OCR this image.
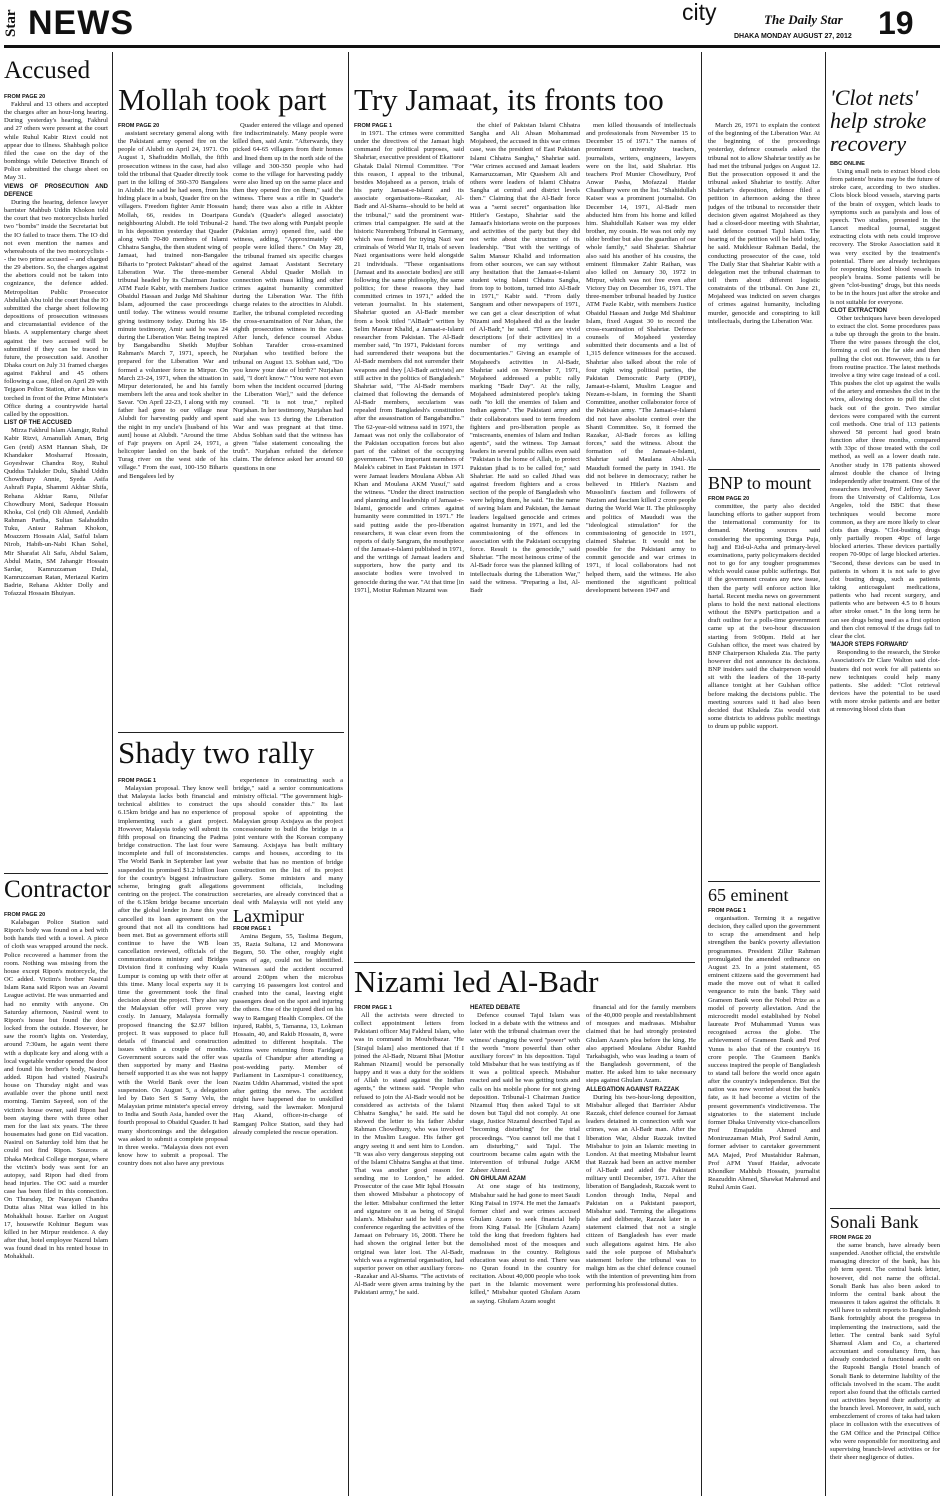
Star NEWS	city	The Daily Star 19
DHAKA MONDAY AUGUST 27, 2012
Accused
FROM PAGE 20

Fakhrul and 13 others and accepted the charges after an hour-long hearing. During yesterday's hearing, Fakhrul and 27 others were present at the court while Ruhul Kabir Rizvi could not appear due to illness. Shahbagh police filed the case on the day of the bombings while Detective Branch of Police submitted the charge sheet on May 31.

VIEWS OF PROSECUTION AND DEFENCE

During the hearing, defence lawyer barrister Mahbub Uddin Khokon told the court that two motorcyclists hurled two "bombs" inside the Secretariat but the IO failed to trace them. The IO did not even mention the names and whereabouts of the two motorcyclists -- the two prime accused -- and charged the 29 abettors. So, the charges against the abettors could not be taken into cognizance, the defence added. Metropolitan Public Prosecutor Abdullah Abu told the court that the IO submitted the charge sheet following depositions of prosecution witnesses and circumstantial evidence of the blasts. A supplementary charge sheet against the two accused will be submitted if they can be traced in future, the prosecution said. Another Dhaka court on July 31 framed charges against Fakhrul and 45 others following a case, filed on April 29 with Tejgaon Police Station, after a bus was torched in front of the Prime Minister's Office during a countrywide hartal called by the opposition.

LIST OF THE ACCUSED

Mirza Fakhrul Islam Alamgir, Ruhul Kabir Rizvi, Amanullah Aman, Brig Gen (retd) ASM Hannan Shah, Dr Khandaker Mosharraf Hossain, Goyeshwar Chandra Roy, Ruhul Quddus Talukder Dulu, Shahid Uddin Chowdhury Annie, Syeda Asifa Ashrafi Papia, Shammi Akhtar Shifa, Rehana Akhtar Ranu, Nilufar Chowdhury Moni, Sadeque Hossain Khoka, Col (rtd) Oli Ahmed, Andalib Rahman Partha, Sultan Salahuddin Tuku, Anisur Rahman Khokon, Moazzem Hossain Alal, Saiful Islam Nirob, Habib-un-Nabi Khan Sohel, Mir Sharafat Ali Safu, Abdul Salam, Abdul Matin, SM Jahangir Hossain Sardar, Kamruzzaman Dulal, Kamruzzaman Ratan, Meriazul Karim Badrie, Rehana Akhter Dolly and Tofazzal Hossain Bhuiyan.

Contractor
FROM PAGE 20

Kalabagan Police Station said Ripon's body was found on a bed with both hands tied with a towel. A piece of cloth was wrapped around the neck. Police recovered a hammer from the room. Nothing was missing from the house except Ripon's motorcycle, the OC added. Victim's brother Nasirul Islam Rana said Ripon was an Awami League activist. He was unmarried and had no enmity with anyone. On Saturday afternoon, Nasirul went to Ripon's house but found the door locked from the outside. However, he saw the room's lights on. Yesterday, around 7:30am, he again went there with a duplicate key and along with a local vegetable vendor opened the door and found his brother's body, Nasirul added. Ripon had visited Nasirul's house on Thursday night and was available over the phone until next morning. Tamim Sayeed, son of the victim's house owner, said Ripon had been staying there with three other men for the last six years. The three housemates had gone on Eid vacation. Nasirul on Saturday told him that he could not find Ripon. Sources at Dhaka Medical College morgue, where the victim's body was sent for an autopsy, said Ripon had died from head injuries. The OC said a murder case has been filed in this connection. On Thursday, Dr Narayan Chandra Dutta alias Nitai was killed in his Mohakhali house. Earlier on August 17, housewife Kohinur Begum was killed in her Mirpur residence. A day after that, hotel employee Nazrul Islam was found dead in his rented house in Mohakhali.

Mollah took part
FROM PAGE 20

assistant secretary general along with the Pakistani army opened fire on the people of Alubdi on April 24, 1971. On August 1, Shafiuddin Mollah, the fifth prosecution witness in the case, had also told the tribunal that Quader directly took part in the killing of 360-370 Bangalees in Alubdi. He said he had seen, from his hiding place in a bush, Quader fire on the villagers. Freedom fighter Amir Hossain Mollah, 66, resides in Doaripara neighbouring Alubdi. He told Tribunal-2 in his deposition yesterday that Quader along with 70-80 members of Islami Chhatra Sangha, the then student wing of Jamaat, had trained non-Bangalee Biharis to "protect Pakistan" ahead of the Liberation War. The three-member tribunal headed by its Chairman Justice ATM Fazle Kabir, with members Justice Obaidul Hassan and Judge Md Shahinur Islam, adjourned the case proceedings until today. The witness would resume giving testimony today. During his 18-minute testimony, Amir said he was 24 during the Liberation War. Being inspired by Bangabandhu Sheikh Mujibur Rahman's March 7, 1971, speech, he prepared for the Liberation War and formed a volunteer force in Mirpur. On March 23-24, 1971, when the situation in Mirpur deteriorated, he and his family members left the area and took shelter in Savar. "On April 22-23, I along with my father had gone to our village near Alubdi for harvesting paddy and spent the night in my uncle's [husband of his aunt] house at Alubdi. "Around the time of Fajr prayers on April 24, 1971, a helicopter landed on the bank of the Turag river on the west side of his village." From the east, 100-150 Biharis and Bengalees led by

Quader entered the village and opened fire indiscriminately. Many people were killed then, said Amir. "Afterwards, they picked 64-65 villagers from their homes and lined them up in the north side of the village and 300-350 people who had come to the village for harvesting paddy were also lined up on the same place and then they opened fire on them," said the witness. There was a rifle in Quader's hand; there was also a rifle in Akhter Gunda's (Quader's alleged associate) hand. The two along with Punjabi people (Pakistan army) opened fire, said the witness, adding, "Approximately 400 people were killed there." On May 28, the tribunal framed six specific charges against Jamaat Assistant Secretary General Abdul Quader Mollah in connection with mass killing and other crimes against humanity committed during the Liberation War. The fifth charge relates to the atrocities in Alubdi. Earlier, the tribunal completed recording the cross-examination of Nur Jahan, the eighth prosecution witness in the case. After lunch, defence counsel Abdus Sobhan Tarafder cross-examined Nurjahan who testified before the tribunal on August 13. Sobhan said, "Do you know your date of birth?" Nurjahan said, "I don't know." "You were not even born when the incident occurred [during the Liberation War]," said the defence counsel. "It is not true," replied Nurjahan. In her testimony, Nurjahan had said she was 13 during the Liberation War and was pregnant at that time. Abdus Sobhan said that the witness has given "false statement concealing the truth". Nurjahan refuted the defence claim. The defence asked her around 60 questions in one

Shady two rally
FROM PAGE 1

Malaysian proposal. They know well that Malaysia lacks both financial and technical abilities to construct the 6.15km bridge and has no experience of implementing such a giant project. However, Malaysia today will submit its fifth proposal on financing the Padma bridge construction. The last four were incomplete and full of inconsistencies. The World Bank in September last year suspended its promised $1.2 billion loan for the country's biggest infrastructure scheme, bringing graft allegations centring on the project. The construction of the 6.15km bridge became uncertain after the global lender in June this year cancelled its loan agreement on the ground that not all its conditions had been met. But as government efforts still continue to have the WB loan cancellation reviewed, officials of the communications ministry and Bridges Division find it confusing why Kuala Lumpur is coming up with their offer at this time. Many local experts say it is time the government took the final decision about the project. They also say the Malaysian offer will prove very costly. In January, Malaysia formally proposed financing the $2.97 billion project. It was supposed to place full details of financial and construction issues within a couple of months. Government sources said the offer was then supported by many and Hasina herself supported it as she was not happy with the World Bank over the loan suspension. On August 5, a delegation led by Dato Seri S Samy Velu, the Malaysian prime minister's special envoy to India and South Asia, handed over the fourth proposal to Obaidul Quader. It had many shortcomings and the delegation was asked to submit a complete proposal in three weeks. "Malaysia does not even know how to submit a proposal. The country does not also have any previous

experience in constructing such a bridge," said a senior communications ministry official. "The government high-ups should consider this." Its last proposal spoke of appointing the Malaysian group Axisjaya as the project concessionaire to build the bridge in a joint venture with the Korean company Samsung. Axisjaya has built military camps and houses, according to its website that has no mention of bridge construction on the list of its project gallery. Some ministers and many government officials, including secretaries, are already convinced that a deal with Malaysia will not yield any

Laxmipur
FROM PAGE 1

Amina Begum, 55, Taslima Begum, 35, Razia Sultana, 12 and Monowara Begum, 50. The other, roughly eight years of age, could not be identified. Witnesses said the accident occurred around 2:00pm when the microbus carrying 16 passengers lost control and crashed into the canal, leaving eight passengers dead on the spot and injuring the others. One of the injured died on his way to Ramganj Health Complex. Of the injured, Rabbi, 5, Tamanna, 13, Lokman Hossain, 40, and Rakib Hossain, 8, were admitted to different hospitals. The victims were returning from Faridganj upazila of Chandpur after attending a post-wedding party. Member of Parliament in Laxmipur-1 constituency, Nazim Uddin Ahammad, visited the spot after getting the news. The accident might have happened due to unskilled driving, said the lawmaker. Monjurul Haq Akand, officer-in-charge of Ramganj Police Station, said they had already completed the rescue operation.

Try Jamaat, its fronts too
FROM PAGE 1

in 1971. The crimes were committed under the directives of the Jamaat high command for political purposes, said Shahriar, executive president of Ekattorer Ghatak Dalal Nirmul Committee. "For this reason, I appeal to the tribunal, besides Mojaheed as a person, trials of his party Jamaat-e-Islami and its associate organisations--Razakar, Al-Badr and Al-Shams--should to be held at the tribunal," said the prominent war-crimes trial campaigner. He said at the historic Nuremberg Tribunal in Germany, which was formed for trying Nazi war criminals of World War II, trials of seven Nazi organisations were held alongside 21 individuals. "These organisations [Jamaat and its associate bodies] are still following the same philosophy, the same politics; for these reasons they had committed crimes in 1971," added the veteran journalist. In his statement, Shahriar quoted an Al-Badr member from a book titled "AlBadr" written by Selim Mansur Khalid, a Jamaat-e-Islami researcher from Pakistan. The Al-Badr member said, "In 1971, Pakistani forces had surrendered their weapons but the Al-Badr members did not surrender their weapons and they [Al-Badr activists] are still active in the politics of Bangladesh." Shahriar said, "The Al-Badr members claimed that following the demands of Al-Badr members, secularism was repealed from Bangladesh's constitution after the assassination of Bangabandhu." The 62-year-old witness said in 1971, the Jamaat was not only the collaborator of the Pakistan occupation forces but also part of the cabinet of the occupying government. "Two important members of Malek's cabinet in East Pakistan in 1971 were Jamaat leaders Moulana Abbas Ali Khan and Moulana AKM Yusuf," said the witness. "Under the direct instruction and planning and leadership of Jamaat-e-Islami, genocide and crimes against humanity were committed in 1971." He said putting aside the pro-liberation researchers, it was clear even from the reports of daily Sangram, the mouthpiece of the Jamaat-e-Islami published in 1971, and the writings of Jamaat leaders and supporters, how the party and its associate bodies were involved in genocide during the war. "At that time [in 1971], Motiur Rahman Nizami was

the chief of Pakistan Islami Chhatra Sangha and Ali Ahsan Mohammad Mojaheed, the accused in this war crimes case, was the president of East Pakistan Islami Chhatra Sangha," Shahriar said. "War crimes accused and Jamaat leaders Kamaruzzaman, Mir Quashem Ali and others were leaders of Islami Chhatra Sangha at central and district levels then." Claiming that the Al-Badr force was a "semi secret" organisation like Hitler's Gestapo, Shahriar said the Jamaat's historians wrote on the purposes and activities of the party but they did not write about the structure of its leadership. "But with the writings of Salim Mansur Khalid and information from other sources, we can say without any hesitation that the Jamaat-e-Islami student wing Islami Chhatra Sangha, from top to bottom, turned into Al-Badr in 1971," Kabir said. "From daily Sangram and other newspapers of 1971, we can get a clear description of what Nizami and Mojaheed did as the leader of Al-Badr," he said. "There are vivid descriptions [of their activities] in a number of my writings and documentaries." Giving an example of Mojaheed's activities in Al-Badr, Shahriar said on November 7, 1971, Mojaheed addressed a public rally marking "Badr Day". At the rally, Mojaheed administered people's taking oath "to kill the enemies of Islam and Indian agents". The Pakistani army and their collaborators used to term freedom fighters and pro-liberation people as "miscreants, enemies of Islam and Indian agents", said the witness. Top Jamaat leaders in several public rallies even said "Pakistan is the home of Allah, to protect Pakistan jihad is to be called for," said Shahriar. He said so called Jihad was against freedom fighters and a cross section of the people of Bangladesh who were helping them, he said. "In the name of saving Islam and Pakistan, the Jamaat leaders legalised genocide and crimes against humanity in 1971, and led the commissioning of the offences in association with the Pakistani occupying force. Result is the genocide," said Shahriar. "The most heinous crime of the Al-Badr force was the planned killing of intellectuals during the Liberation War," said the witness. "Preparing a list, Al-Badr

men killed thousands of intellectuals and professionals from November 15 to December 15 of 1971." The names of prominent university teachers, journalists, writers, engineers, lawyers were on the list, said Shahriar. His teachers Prof Munier Chowdhury, Prof Anwar Pasha, Mofazzal Haidar Chaudhury were on the list. "Shahidullah Kaiser was a prominent journalist. On December 14, 1971, Al-Badr men abducted him from his home and killed him. Shahidullah Kaiser was my elder brother, my cousin. He was not only my older brother but also the guardian of our whole family," said Shahriar. Shahriar also said his another of his cousins, the eminent filmmaker Zahir Raihan, was also killed on January 30, 1972 in Mirpur, which was not free even after Victory Day on December 16, 1971. The three-member tribunal headed by Justice ATM Fazle Kabir, with members Justice Obaidul Hassan and Judge Md Shahinur Islam, fixed August 30 to record the cross-examination of Shahriar. Defence counsels of Mojaheed yesterday submitted their documents and a list of 1,315 defence witnesses for the accused. Shahriar also talked about the role of four right wing political parties, the Pakistan Democratic Party (PDP), Jamaat-e-Islami, Muslim League and Nezam-e-Islam, in forming the Shanti Committee, another collaborator force of the Pakistan army. "The Jamaat-e-Islami did not have absolute control over the Shanti Committee. So, it formed the Razakar, Al-Badr forces as killing forces," said the witness. About the formation of the Jamaat-e-Islami, Shahriar said Maulana Abul-Ala Maududi formed the party in 1941. He did not believe in democracy; rather he believed in Hitler's Nazism and Mussolini's fascism and followers of Nazism and fascism killed 2 crore people during the World War II. The philosophy and politics of Maududi was the "ideological stimulation" for the commissioning of genocide in 1971, claimed Shahriar. It would not be possible for the Pakistani army to commit genocide and war crimes in 1971, if local collaborators had not helped them, said the witness. He also mentioned the significant political development between 1947 and

March 26, 1971 to explain the context of the beginning of the Liberation War. At the beginning of the proceedings yesterday, defence counsels asked the tribunal not to allow Shahriar testify as he had met the tribunal judges on August 12. But the prosecution opposed it and the tribunal asked Shahriar to testify. After Shahriar's deposition, defence filed a petition in afternoon asking the three judges of the tribunal to reconsider their decision given against Mojaheed as they had a closed-door meeting with Shahriar, said defence counsel Tajul Islam. The hearing of the petition will be held today, he said. Mukhlesur Rahman Badal, the conducting prosecutor of the case, told The Daily Star that Shahriar Kabir with a delegation met the tribunal chairman to tell them about different logistic constraints of the tribunal. On June 21, Mojaheed was indicted on seven charges of crimes against humanity, including murder, genocide and conspiring to kill intellectuals, during the Liberation War.

Nizami led Al-Badr
FROM PAGE 1

All the activists were directed to collect appointment letters from Pakistani officer Maj Fakhrul Islam, who was in command in Moulvibazar. "He [Sirajul Islam] also mentioned that if I joined the Al-Badr, Nizami Bhai [Motiur Rahman Nizami] would be personally happy and it was a duty for the soldiers of Allah to stand against the Indian agents," the witness said. "People who refused to join the Al-Badr would not be considered as activists of the Islami Chhatra Sangha," he said. He said he showed the letter to his father Abdur Rahman Chowdhury, who was involved in the Muslim League. His father got angry seeing it and sent him to London. "It was also very dangerous stepping out of the Islami Chhatra Sangha at that time. That was another good reason for sending me to London," he added. Prosecutor of the case Mir Iqbal Hossain then showed Misbahur a photocopy of the letter. Misbahur confirmed the letter and signature on it as being of Sirajul Islam's. Misbahur said he held a press conference regarding the activities of the Jamaat on February 16, 2008. There he had shown the original letter but the original was later lost. The Al-Badr, which was a regimental organisation, had superior power on other auxiliary forces--Razakar and Al-Shams. "The activists of Al-Badr were given arms training by the Pakistani army," he said.

HEATED DEBATE

Defence counsel Tajul Islam was locked in a debate with the witness and later with the tribunal chairman over the witness' changing the word "power" with the words "more powerful than other auxiliary forces" in his deposition. Tajul told Misbahur that he was testifying as if it was a political speech. Misbahur reacted and said he was getting texts and calls on his mobile phone for not giving deposition. Tribunal-1 Chairman Justice Nizamul Huq then asked Tajul to sit down but Tajul did not comply. At one stage, Justice Nizamul described Tajul as "becoming disturbing" for the trial proceedings. "You cannot tell me that I am disturbing," said Tajul. The courtroom became calm again with the intervention of tribunal Judge AKM Zaheer Ahmed.

ON GHULAM AZAM

At one stage of his testimony, Misbahur said he had gone to meet Saudi King Faisal in 1974. He met the Jamaat's former chief and war crimes accused Ghulam Azam to seek financial help from King Faisal. He [Ghulam Azam] told the king that freedom fighters had demolished most of the mosques and madrasas in the country. Religious education was about to end. There was no Quran found in the country for recitation. About 40,000 people who took part in the Islamic movement were killed," Misbahur quoted Ghulam Azam as saying. Ghulam Azam sought

financial aid for the family members of the 40,000 people and reestablishment of mosques and madrasas. Misbahur claimed that he had strongly protested Ghulam Azam's plea before the king. He also apprised Moulana Abdur Rashid Tarkabagish, who was leading a team of the Bangladesh government, of the matter. He asked him to take necessary steps against Ghulam Azam.

ALLEGATION AGAINST RAZZAK

During his two-hour-long deposition, Misbahur alleged that Barrister Abdur Razzak, chief defence counsel for Jamaat leaders detained in connection with war crimes, was an Al-Badr man. After the liberation War, Abdur Razzak invited Misbahur to join an Islamic meeting in London. At that meeting Misbahur learnt that Razzak had been an active member of Al-Badr and aided the Pakistani military until December, 1971. After the liberation of Bangladesh, Razzak went to London through India, Nepal and Pakistan on a Pakistani passport, Misbahur said. Terming the allegations false and deliberate, Razzak later in a statement claimed that not a single citizen of Bangladesh has ever made such allegations against him. He also said the sole purpose of Misbahur's statement before the tribunal was to malign him as the chief defence counsel with the intention of preventing him from performing his professional duties.

BNP to mount
FROM PAGE 20

committee, the party also decided launching efforts to gather support from the international community for its demand. Meeting sources said considering the upcoming Durga Puja, hajj and Eid-ul-Azha and primary-level examinations, party policymakers decided not to go for any tougher programmes which would cause public sufferings. But if the government creates any new issue, then the party will enforce action like hartal. Recent media news on government plans to hold the next national elections without the BNP's participation and a draft outline for a polls-time government came up at the two-hour discussion starting from 9:00pm. Held at her Gulshan office, the meet was chaired by BNP Chairperson Khaleda Zia. The party however did not announce its decisions. BNP insiders said the chairperson would sit with the leaders of the 18-party alliance tonight at her Gulshan office before making the decisions public. The meeting sources said it had also been decided that Khaleda Zia would visit some districts to address public meetings to drum up public support.

65 eminent
FROM PAGE 1

organisation. Terming it a negative decision, they called upon the government to scrap the amendment and help strengthen the bank's poverty alleviation programmes. President Zillur Rahman promulgated the amended ordinance on August 23. In a joint statement, 65 eminent citizens said the government had made the move out of what it called vengeance to ruin the bank. They said Grameen Bank won the Nobel Prize as a model of poverty alleviation. And the microcredit model established by Nobel laureate Prof Muhammad Yunus was recognised across the globe. The achievement of Grameen Bank and Prof Yunus is also that of the country's 16 crore people. The Grameen Bank's success inspired the people of Bangladesh to stand tall before the world once again after the country's independence. But the nation was now worried about the bank's fate, as it had become a victim of the present government's vindictiveness. The signatories to the statement include former Dhaka University vice-chancellors Prof Emajuddin Ahmed and Moniruzzaman Miah, Prof Sadrul Amin, former adviser to caretaker government MA Majed, Prof Mustahidur Rahman, Prof AFM Yusuf Haidar, advocate Khondker Mahbub Hossain, journalist Reazuddin Ahmed, Shawkat Mahmud and Ruhul Amin Gazi.

'Clot nets' help stroke recovery
BBC ONLINE

Using small nets to extract blood clots from patients' brains may be the future of stroke care, according to two studies. Clots block blood vessels, starving parts of the brain of oxygen, which leads to symptoms such as paralysis and loss of speech. Two studies, presented in the Lancet medical journal, suggest extracting clots with nets could improve recovery. The Stroke Association said it was very excited by the treatment's potential. There are already techniques for reopening blocked blood vessels in people's brains. Some patients will be given "clot-busting" drugs, but this needs to be in the hours just after the stroke and is not suitable for everyone.

CLOT EXTRACTION

Other techniques have been developed to extract the clot. Some procedures pass a tube up through the groin to the brain. There the wire passes through the clot, forming a coil on the far side and then pulling the clot out. However, this is far from routine practice. The latest methods involve a tiny wire cage instead of a coil. This pushes the clot up against the walls of the artery and enmeshes the clot in the wires, allowing doctors to pull the clot back out of the groin. Two similar devices were compared with the current coil methods. One trial of 113 patients showed 58 percent had good brain function after three months, compared with 33pc of those treated with the coil method, as well as a lower death rate. Another study in 178 patients showed almost double the chance of living independently after treatment. One of the researchers involved, Prof Jeffrey Saver from the University of California, Los Angeles, told the BBC that these techniques would become more common, as they are more likely to clear clots than drugs. "Clot-busting drugs only partially reopen 40pc of large blocked arteries. These devices partially reopen 70-90pc of large blocked arteries. "Second, these devices can be used in patients in whom it is not safe to give clot busting drugs, such as patients taking anticoagulant medications, patients who had recent surgery, and patients who are between 4.5 to 8 hours after stroke onset." In the long term he can see drugs being used as a first option and then clot removal if the drugs fail to clear the clot.

'MAJOR STEPS FORWARD'

Responding to the research, the Stroke Association's Dr Clare Walton said clot-busters did not work for all patients so new techniques could help many patients. She added: "Clot retrieval devices have the potential to be used with more stroke patients and are better at removing blood clots than

Sonali Bank
FROM PAGE 20

the same branch, have already been suspended. Another official, the erstwhile managing director of the bank, has his job term spent. The central bank letter, however, did not name the official. Sonali Bank has also been asked to inform the central bank about the measures it takes against the officials. It will have to submit reports to Bangladesh Bank fortnightly about the progress in implementing the instructions, said the letter. The central bank said Syful Shamsul Alam and Co, a chartered accountant and consultancy firm, has already conducted a functional audit on the Ruposhi Bangla Hotel branch of Sonali Bank to determine liability of the officials involved in the scam. The audit report also found that the officials carried out activities beyond their authority at the branch level. Moreover, in said, such embezzlement of crores of taka had taken place in collusion with the executives of the GM Office and the Principal Office who were responsible for monitoring and supervising branch-level activities or for their sheer negligence of duties.
